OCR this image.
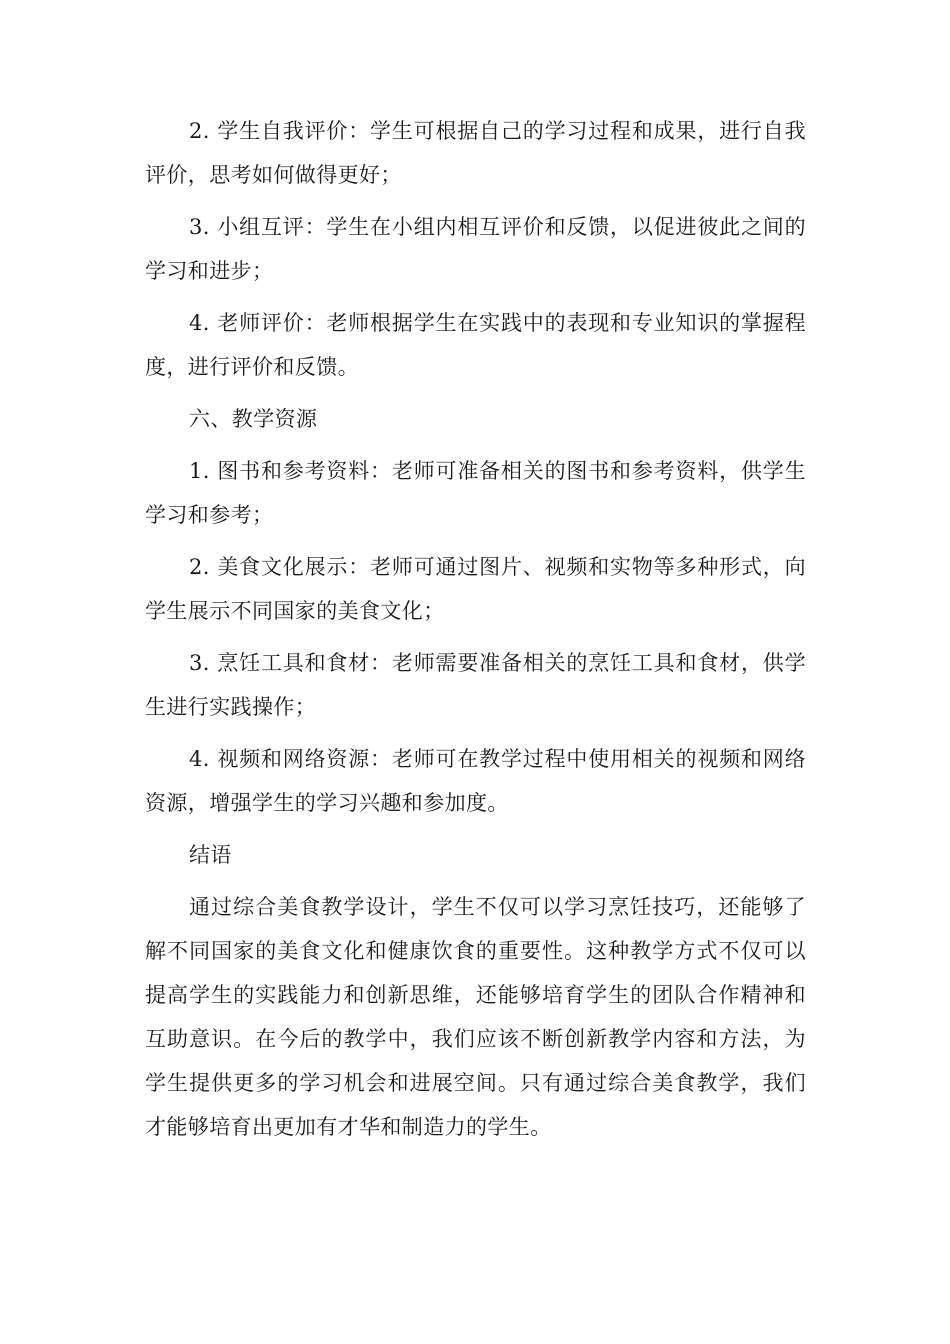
2. 学生自我评价：学生可根据自己的学习过程和成果，进行自我评价，思考如何做得更好；

3. 小组互评：学生在小组内相互评价和反馈，以促进彼此之间的学习和进步；

4. 老师评价：老师根据学生在实践中的表现和专业知识的掌握程度，进行评价和反馈。

六、教学资源

1. 图书和参考资料：老师可准备相关的图书和参考资料，供学生学习和参考；

2. 美食文化展示：老师可通过图片、视频和实物等多种形式，向学生展示不同国家的美食文化；

3. 烹饪工具和食材：老师需要准备相关的烹饪工具和食材，供学生进行实践操作；

4. 视频和网络资源：老师可在教学过程中使用相关的视频和网络资源，增强学生的学习兴趣和参加度。

结语

通过综合美食教学设计，学生不仅可以学习烹饪技巧，还能够了解不同国家的美食文化和健康饮食的重要性。这种教学方式不仅可以提高学生的实践能力和创新思维，还能够培育学生的团队合作精神和互助意识。在今后的教学中，我们应该不断创新教学内容和方法，为学生提供更多的学习机会和进展空间。只有通过综合美食教学，我们才能够培育出更加有才华和制造力的学生。
